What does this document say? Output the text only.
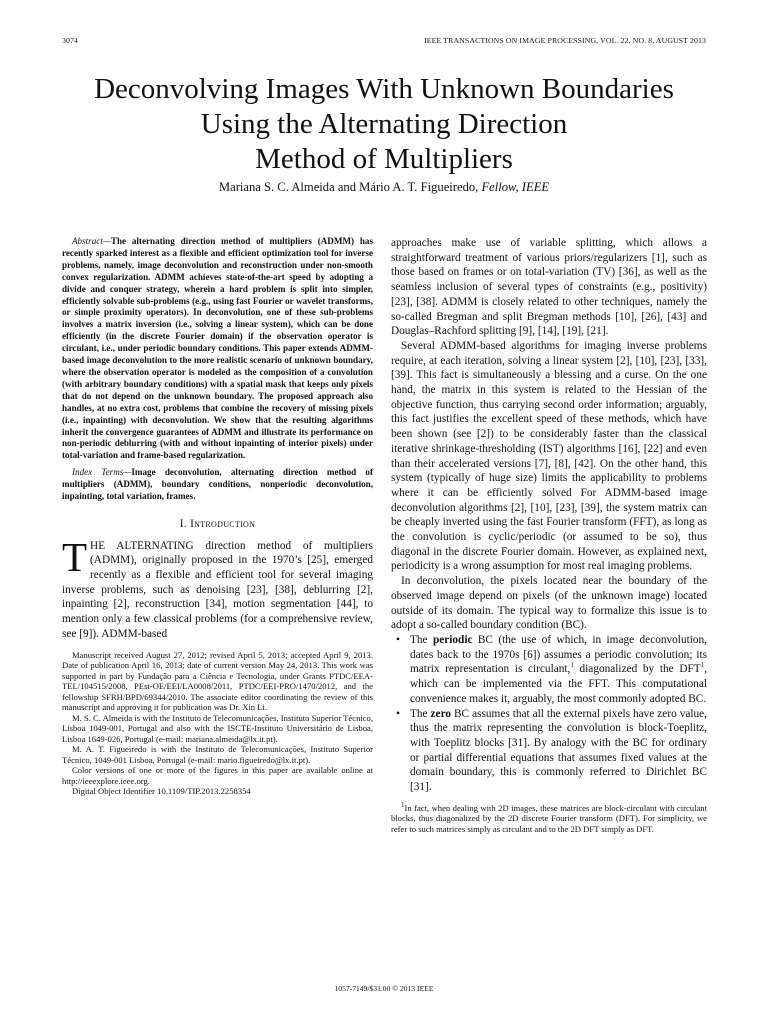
3074	IEEE TRANSACTIONS ON IMAGE PROCESSING, VOL. 22, NO. 8, AUGUST 2013
Deconvolving Images With Unknown Boundaries
Using the Alternating Direction
Method of Multipliers
Mariana S. C. Almeida and Mário A. T. Figueiredo, Fellow, IEEE

Abstract—The alternating direction method of multipliers (ADMM) has recently sparked interest as a flexible and efficient optimization tool for inverse problems, namely, image deconvolution and reconstruction under non-smooth convex regularization. ADMM achieves state-of-the-art speed by adopting a divide and conquer strategy, wherein a hard problem is split into simpler, efficiently solvable sub-problems (e.g., using fast Fourier or wavelet transforms, or simple proximity operators). In deconvolution, one of these sub-problems involves a matrix inversion (i.e., solving a linear system), which can be done efficiently (in the discrete Fourier domain) if the observation operator is circulant, i.e., under periodic boundary conditions. This paper extends ADMM-based image deconvolution to the more realistic scenario of unknown boundary, where the observation operator is modeled as the composition of a convolution (with arbitrary boundary conditions) with a spatial mask that keeps only pixels that do not depend on the unknown boundary. The proposed approach also handles, at no extra cost, problems that combine the recovery of missing pixels (i.e., inpainting) with deconvolution. We show that the resulting algorithms inherit the convergence guarantees of ADMM and illustrate its performance on non-periodic deblurring (with and without inpainting of interior pixels) under total-variation and frame-based regularization.

Index Terms—Image deconvolution, alternating direction method of multipliers (ADMM), boundary conditions, nonperiodic deconvolution, inpainting, total variation, frames.

I. Introduction

THE ALTERNATING direction method of multipliers (ADMM), originally proposed in the 1970’s [25], emerged recently as a flexible and efficient tool for several imaging inverse problems, such as denoising [23], [38], deblurring [2], inpainting [2], reconstruction [34], motion segmentation [44], to mention only a few classical problems (for a comprehensive review, see [9]). ADMM-based

Manuscript received August 27, 2012; revised April 5, 2013; accepted April 9, 2013. Date of publication April 16, 2013; date of current version May 24, 2013. This work was supported in part by Fundação para a Ciência e Tecnologia, under Grants PTDC/EEA-TEL/104515/2008, PEst-OE/EEI/LA0008/2011, PTDC/EEI-PRO/1470/2012, and the fellowship SFRH/BPD/69344/2010. The associate editor coordinating the review of this manuscript and approving it for publication was Dr. Xin Li.

M. S. C. Almeida is with the Instituto de Telecomunicações, Instituto Superior Técnico, Lisboa 1049-001, Portugal and also with the ISCTE-Instituto Universitário de Lisboa, Lisboa 1649-026, Portugal (e-mail: mariana.almeida@lx.it.pt).

M. A. T. Figueiredo is with the Instituto de Telecomunicações, Instituto Superior Técnico, 1049-001 Lisboa, Portugal (e-mail: mario.figueiredo@lx.it.pt).

Color versions of one or more of the figures in this paper are available online at http://ieeexplore.ieee.org.

Digital Object Identifier 10.1109/TIP.2013.2258354

approaches make use of variable splitting, which allows a straightforward treatment of various priors/regularizers [1], such as those based on frames or on total-variation (TV) [36], as well as the seamless inclusion of several types of constraints (e.g., positivity) [23], [38]. ADMM is closely related to other techniques, namely the so-called Bregman and split Bregman methods [10], [26], [43] and Douglas–Rachford splitting [9], [14], [19], [21].

Several ADMM-based algorithms for imaging inverse problems require, at each iteration, solving a linear system [2], [10], [23], [33], [39]. This fact is simultaneously a blessing and a curse. On the one hand, the matrix in this system is related to the Hessian of the objective function, thus carrying second order information; arguably, this fact justifies the excellent speed of these methods, which have been shown (see [2]) to be considerably faster than the classical iterative shrinkage-thresholding (IST) algorithms [16], [22] and even than their accelerated versions [7], [8], [42]. On the other hand, this system (typically of huge size) limits the applicability to problems where it can be efficiently solved For ADMM-based image deconvolution algorithms [2], [10], [23], [39], the system matrix can be cheaply inverted using the fast Fourier transform (FFT), as long as the convolution is cyclic/periodic (or assumed to be so), thus diagonal in the discrete Fourier domain. However, as explained next, periodicity is a wrong assumption for most real imaging problems.

In deconvolution, the pixels located near the boundary of the observed image depend on pixels (of the unknown image) located outside of its domain. The typical way to formalize this issue is to adopt a so-called boundary condition (BC).

• The periodic BC (the use of which, in image deconvolution, dates back to the 1970s [6]) assumes a periodic convolution; its matrix representation is circulant,$^1$ diagonalized by the DFT$^1$, which can be implemented via the FFT. This computational convenience makes it, arguably, the most commonly adopted BC.
• The zero BC assumes that all the external pixels have zero value, thus the matrix representing the convolution is block-Toeplitz, with Toeplitz blocks [31]. By analogy with the BC for ordinary or partial differential equations that assumes fixed values at the domain boundary, this is commonly referred to Dirichlet BC [31].

$^1$In fact, when dealing with 2D images, these matrices are block-circulant with circulant blocks, thus diagonalized by the 2D discrete Fourier transform (DFT). For simplicity, we refer to such matrices simply as circulant and to the 2D DFT simply as DFT.

1057-7149/$31.00 © 2013 IEEE
